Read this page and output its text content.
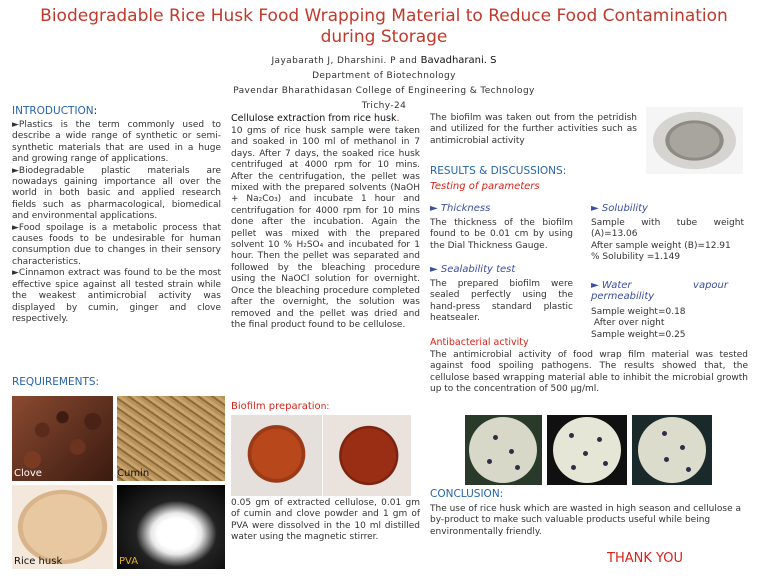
Biodegradable Rice Husk Food Wrapping Material to Reduce Food Contamination during Storage
Jayabarath J, Dharshini. P and Bavadharani. S
Department of Biotechnology
Pavendar Bharathidasan College of Engineering & Technology
Trichy-24
INTRODUCTION:

►Plastics is the term commonly used to describe a wide range of synthetic or semi-synthetic materials that are used in a huge and growing range of applications.

►Biodegradable plastic materials are nowadays gaining importance all over the world in both basic and applied research fields such as pharmacological, biomedical and environmental applications.

►Food spoilage is a metabolic process that causes foods to be undesirable for human consumption due to changes in their sensory characteristics.

►Cinnamon extract was found to be the most effective spice against all tested strain while the weakest antimicrobial activity was displayed by cumin, ginger and clove respectively.

REQUIREMENTS:
Clove	Cumin
Rice husk	PVA
Cellulose extraction from rice husk.
10 gms of rice husk sample were taken and soaked in 100 ml of methanol in 7 days. After 7 days, the soaked rice husk centrifuged at 4000 rpm for 10 mins. After the centrifugation, the pellet was mixed with the prepared solvents (NaOH + Na₂Co₃) and incubate 1 hour and centrifugation for 4000 rpm for 10 mins done after the incubation. Again the pellet was mixed with the prepared solvent 10 % H₂SO₄ and incubated for 1 hour. Then the pellet was separated and followed by the bleaching procedure using the NaOCl solution for overnight. Once the bleaching procedure completed after the overnight, the solution was removed and the pellet was dried and the final product found to be cellulose.
Biofilm preparation:
0.05 gm of extracted cellulose, 0.01 gm of cumin and clove powder and 1 gm of PVA were dissolved in the 10 ml distilled water using the magnetic stirrer.
The biofilm was taken out from the petridish and utilized for the further activities such as antimicrobial activity
RESULTS & DISCUSSIONS:
Testing of parameters
► Thickness
The thickness of the biofilm found to be 0.01 cm by using the Dial Thickness Gauge.
► Sealability test
The prepared biofilm were sealed perfectly using the hand-press standard plastic heatsealer.
► Solubility

Sample with tube weight (A)=13.06

After sample weight (B)=12.91

% Solubility =1.149

► Water	vapour
permeability

Sample weight=0.18

After over night

Sample weight=0.25

Antibacterial activity
The antimicrobial activity of food wrap film material was tested against food spoiling pathogens. The results showed that, the cellulose based wrapping material able to inhibit the microbial growth up to the concentration of 500 μg/ml.
CONCLUSION:
The use of rice husk which are wasted in high season and cellulose a by-product to make such valuable products useful while being environmentally friendly.
THANK YOU
